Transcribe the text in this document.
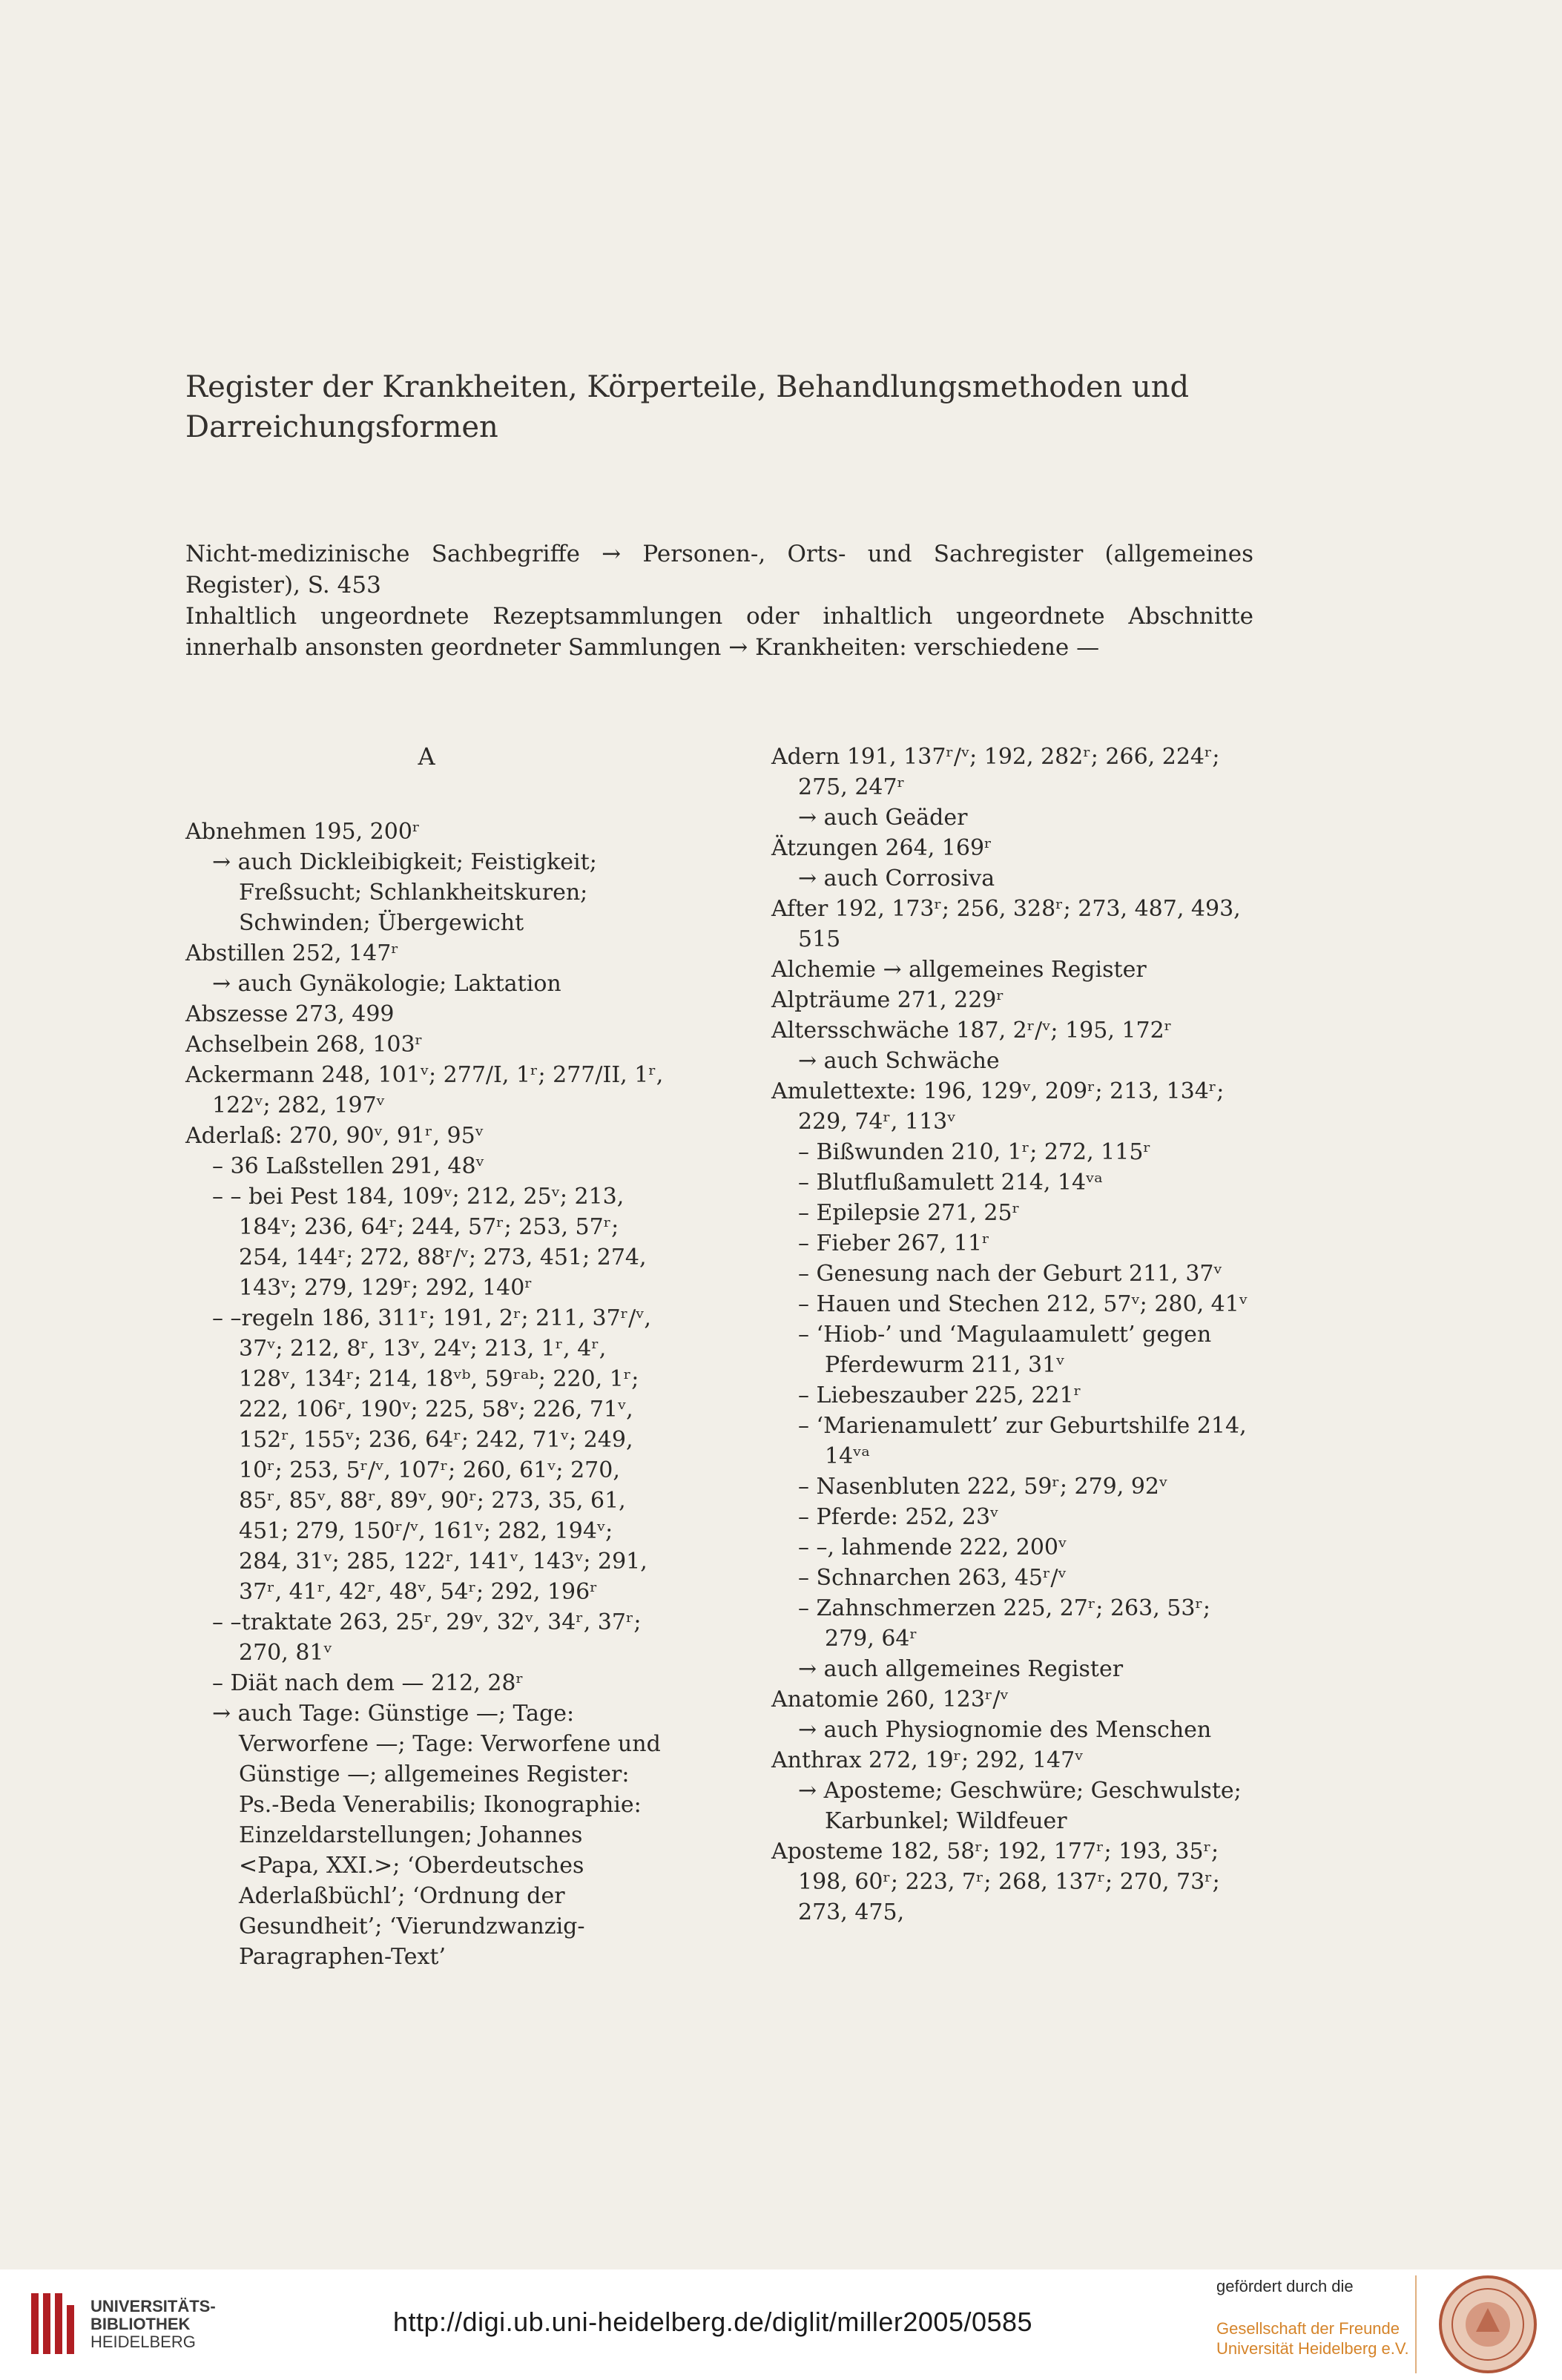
Register der Krankheiten, Körperteile, Behandlungsmethoden und Darreichungsformen

Nicht-medizinische Sachbegriffe → Personen-, Orts- und Sachregister (allgemeines Register), S. 453

Inhaltlich ungeordnete Rezeptsammlungen oder inhaltlich ungeordnete Abschnitte innerhalb ansonsten geordneter Sammlungen → Krankheiten: verschiedene —

A

Abnehmen 195, 200ʳ

→ auch Dickleibigkeit; Feistigkeit; Freßsucht; Schlankheitskuren; Schwinden; Übergewicht

Abstillen 252, 147ʳ

→ auch Gynäkologie; Laktation

Abszesse 273, 499

Achselbein 268, 103ʳ

Ackermann 248, 101ᵛ; 277/I, 1ʳ; 277/II, 1ʳ, 122ᵛ; 282, 197ᵛ

Aderlaß: 270, 90ᵛ, 91ʳ, 95ᵛ

– 36 Laßstellen 291, 48ᵛ

– – bei Pest 184, 109ᵛ; 212, 25ᵛ; 213, 184ᵛ; 236, 64ʳ; 244, 57ʳ; 253, 57ʳ; 254, 144ʳ; 272, 88ʳ/ᵛ; 273, 451; 274, 143ᵛ; 279, 129ʳ; 292, 140ʳ

– –regeln 186, 311ʳ; 191, 2ʳ; 211, 37ʳ/ᵛ, 37ᵛ; 212, 8ʳ, 13ᵛ, 24ᵛ; 213, 1ʳ, 4ʳ, 128ᵛ, 134ʳ; 214, 18ᵛᵇ, 59ʳᵃᵇ; 220, 1ʳ; 222, 106ʳ, 190ᵛ; 225, 58ᵛ; 226, 71ᵛ, 152ʳ, 155ᵛ; 236, 64ʳ; 242, 71ᵛ; 249, 10ʳ; 253, 5ʳ/ᵛ, 107ʳ; 260, 61ᵛ; 270, 85ʳ, 85ᵛ, 88ʳ, 89ᵛ, 90ʳ; 273, 35, 61, 451; 279, 150ʳ/ᵛ, 161ᵛ; 282, 194ᵛ; 284, 31ᵛ; 285, 122ʳ, 141ᵛ, 143ᵛ; 291, 37ʳ, 41ʳ, 42ʳ, 48ᵛ, 54ʳ; 292, 196ʳ

– –traktate 263, 25ʳ, 29ᵛ, 32ᵛ, 34ʳ, 37ʳ; 270, 81ᵛ

– Diät nach dem — 212, 28ʳ

→ auch Tage: Günstige —; Tage: Verworfene —; Tage: Verworfene und Günstige —; allgemeines Register: Ps.-Beda Venerabilis; Ikonographie: Einzeldarstellungen; Johannes <Papa, XXI.>; ‘Oberdeutsches Aderlaßbüchl’; ‘Ordnung der Gesundheit’; ‘Vierundzwanzig-Paragraphen-Text’

Adern 191, 137ʳ/ᵛ; 192, 282ʳ; 266, 224ʳ; 275, 247ʳ

→ auch Geäder

Ätzungen 264, 169ʳ

→ auch Corrosiva

After 192, 173ʳ; 256, 328ʳ; 273, 487, 493, 515

Alchemie → allgemeines Register

Alpträume 271, 229ʳ

Altersschwäche 187, 2ʳ/ᵛ; 195, 172ʳ

→ auch Schwäche

Amulettexte: 196, 129ᵛ, 209ʳ; 213, 134ʳ; 229, 74ʳ, 113ᵛ

– Bißwunden 210, 1ʳ; 272, 115ʳ

– Blutflußamulett 214, 14ᵛᵃ

– Epilepsie 271, 25ʳ

– Fieber 267, 11ʳ

– Genesung nach der Geburt 211, 37ᵛ

– Hauen und Stechen 212, 57ᵛ; 280, 41ᵛ

– ‘Hiob-’ und ‘Magulaamulett’ gegen Pferdewurm 211, 31ᵛ

– Liebeszauber 225, 221ʳ

– ‘Marienamulett’ zur Geburtshilfe 214, 14ᵛᵃ

– Nasenbluten 222, 59ʳ; 279, 92ᵛ

– Pferde: 252, 23ᵛ

– –, lahmende 222, 200ᵛ

– Schnarchen 263, 45ʳ/ᵛ

– Zahnschmerzen 225, 27ʳ; 263, 53ʳ; 279, 64ʳ

→ auch allgemeines Register

Anatomie 260, 123ʳ/ᵛ

→ auch Physiognomie des Menschen

Anthrax 272, 19ʳ; 292, 147ᵛ

→ Aposteme; Geschwüre; Geschwulste; Karbunkel; Wildfeuer

Aposteme 182, 58ʳ; 192, 177ʳ; 193, 35ʳ; 198, 60ʳ; 223, 7ʳ; 268, 137ʳ; 270, 73ʳ; 273, 475,

UNIVERSITÄTS-
BIBLIOTHEK
HEIDELBERG
http://digi.ub.uni-heidelberg.de/diglit/miller2005/0585
gefördert durch die
Gesellschaft der Freunde
Universität Heidelberg e.V.
